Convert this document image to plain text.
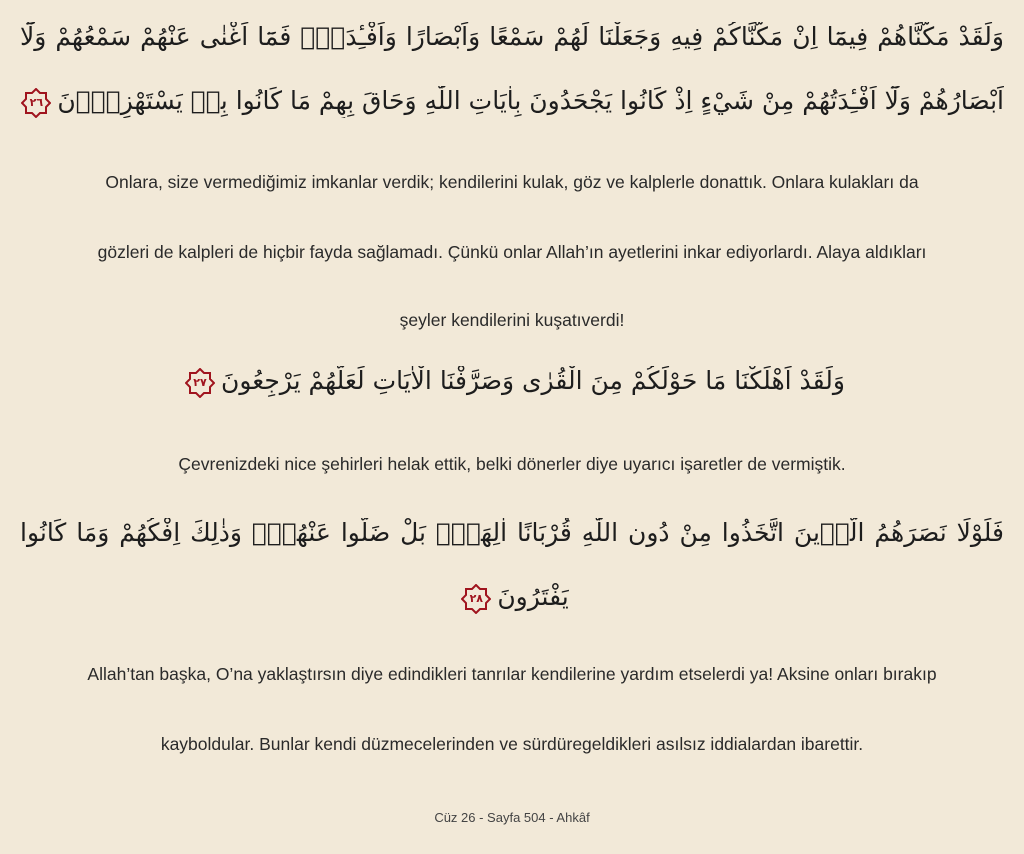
وَلَقَدْ مَكَّنَّاهُمْ فِيمَٓا اِنْ مَكَّنَّاكُمْ فِيهِ وَجَعَلْنَا لَهُمْ سَمْعًا وَاَبْصَارًا وَاَفْـِٔدَةًۘ فَمَٓا اَغْنٰى عَنْهُمْ سَمْعُهُمْ وَلَٓا
اَبْصَارُهُمْ وَلَٓا اَفْـِٔدَتُهُمْ مِنْ شَيْءٍ اِذْ كَانُوا يَجْحَدُونَ بِاٰيَاتِ اللّٰهِ وَحَاقَ بِهِمْ مَا كَانُوا بِه۪ يَسْتَهْزِؤُ۫نَ
٢٦
Onlara, size vermediğimiz imkanlar verdik; kendilerini kulak, göz ve kalplerle donattık. Onlara kulakları da
gözleri de kalpleri de hiçbir fayda sağlamadı. Çünkü onlar Allah’ın ayetlerini inkar ediyorlardı. Alaya aldıkları
şeyler kendilerini kuşatıverdi!
وَلَقَدْ اَهْلَكْنَا مَا حَوْلَكُمْ مِنَ الْقُرٰى وَصَرَّفْنَا الْاٰيَاتِ لَعَلَّهُمْ يَرْجِعُونَ
٢٧
Çevrenizdeki nice şehirleri helak ettik, belki dönerler diye uyarıcı işaretler de vermiştik.
فَلَوْلَا نَصَرَهُمُ الَّذ۪ينَ اتَّخَذُوا مِنْ دُونِ اللّٰهِ قُرْبَانًا اٰلِهَةًۜ بَلْ ضَلُّوا عَنْهُمْۚ وَذٰلِكَ اِفْكُهُمْ وَمَا كَانُوا
يَفْتَرُونَ
٢٨
Allah’tan başka, O’na yaklaştırsın diye edindikleri tanrılar kendilerine yardım etselerdi ya! Aksine onları bırakıp
kayboldular. Bunlar kendi düzmecelerinden ve sürdüregeldikleri asılsız iddialardan ibarettir.
Cüz 26 - Sayfa 504 - Ahkâf
